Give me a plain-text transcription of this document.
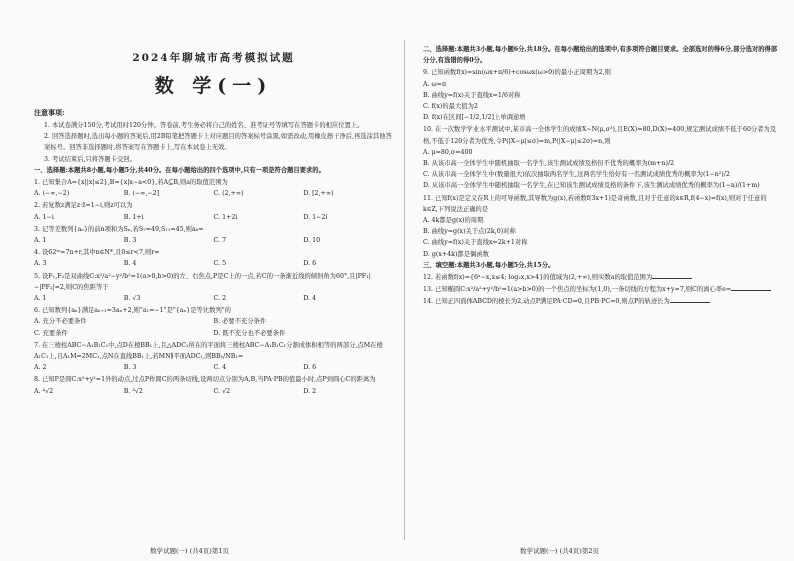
2024年聊城市高考模拟试题
数 学(一)
注意事项:

1. 本试卷满分150分,考试用时120分钟。答卷前,考生务必将自己的姓名、准考证号等填写在答题卡的相应位置上。

2. 回答选择题时,选出每小题的答案后,用2B铅笔把答题卡上对应题目的答案标号涂黑,如需改动,用橡皮擦干净后,再选涂其他答案标号。回答非选择题时,将答案写在答题卡上,写在本试卷上无效。

3. 考试结束后,只将答题卡交回。

一、选择题:本题共8小题,每小题5分,共40分。在每小题给出的四个选项中,只有一项是符合题目要求的。

1. 已知集合A={x||x|≤2},B={x|x−a<0},若A⊆B,则a的取值范围为

A. (−∞,−2)	B. (−∞,−2]	C. (2,+∞)	D. [2,+∞)

2. 若复数z满足z·z̄=1−i,则z可以为

A. 1−i	B. 1+i	C. 1+2i	D. 1−2i

3. 记等差数列{aₙ}的前n项和为Sₙ,若S₇=49,S₁₁=45,则a₆=

A. 1	B. 3	C. 7	D. 10

4. 设62ᵐ=7n+r,其中n∈N*,且0≤r<7,则r=

A. 3	B. 4	C. 5	D. 6

5. 设F₁,F₂是双曲线C:x²/a²−y²/b²=1(a>0,b>0)的左、右焦点,P是C上的一点,若C的一条渐近线的倾斜角为60°,且|PF₁|−|PF₂|=2,则C的焦距等于

A. 1	B. √3	C. 2	D. 4

6. 已知数列{aₙ}满足aₙ₊₁=3aₙ+2,则"a₁=−1"是"{aₙ}是等比数列"的

A. 充分不必要条件	B. 必要不充分条件
C. 充要条件	D. 既不充分也不必要条件

7. 在三棱柱ABC−A₁B₁C₁中,点D在棱BB₁上,且△ADC₁所在的平面将三棱柱ABC−A₁B₁C₁分割成体积相等的两部分,点M在棱A₁C₁上,且A₁M=2MC₁,点N在直线BB₁上,若MN∥平面ADC₁,则BB₁/NB₁=

A. 2	B. 3	C. 4	D. 6

8. 已知P是圆C:x²+y²=1外的动点,过点P作圆C的两条切线,设两切点分别为A,B,当PA·PB的值最小时,点P到圆心C的距离为

A. ⁴√2	B. ³√2	C. √2	D. 2

二、选择题:本题共3小题,每小题6分,共18分。在每小题给出的选项中,有多项符合题目要求。全部选对的得6分,部分选对的得部分分,有选错的得0分。

9. 已知函数f(x)=sin(ωx+π/6)+cosωx(ω>0)的最小正周期为2,则

A. ω=π

B. 曲线y=f(x)关于直线x=1/6对称

C. f(x)的最大值为2

D. f(x)在区间[−1/2,1/2]上单调递增

10. 在一次数学学业水平测试中,某市高一全体学生的成绩X~N(μ,σ²),且E(X)=80,D(X)=400,规定测试成绩不低于60分者为及格,不低于120分者为优秀,令P(|X−μ|≤σ)=m,P(|X−μ|≤2σ)=n,则

A. μ=80,σ=400

B. 从该市高一全体学生中随机抽取一名学生,该生测试成绩及格但不优秀的概率为(m+n)/2

C. 从该市高一全体学生中(数量很大)依次抽取两名学生,这两名学生恰好有一名测试成绩优秀的概率为(1−n²)/2

D. 从该市高一全体学生中随机抽取一名学生,在已知该生测试成绩及格的条件下,该生测试成绩优秀的概率为(1−n)/(1+m)

11. 已知f(x)是定义在R上的可导函数,其导数为g(x),若函数f(3x+1)是奇函数,且对于任意的x∈R,f(4−x)=f(x),则对于任意的k∈Z,下列说法正确的是

A. 4k都是g(x)的周期

B. 曲线y=g(x)关于点(2k,0)对称

C. 曲线y=f(x)关于直线x=2k+1对称

D. g(x+4k)都是偶函数

三、填空题:本题共3小题,每小题5分,共15分。

12. 若函数f(x)={6ˣ−x,x≤4; log₂x,x>4}的值域为(2,+∞),则实数a的取值范围为

13. 已知椭圆C:x²/a²+y²/b²=1(a>b>0)的一个焦点的坐标为(1,0),一条切线的方程为x+y=7,则C的离心率e=

14. 已知正四面体ABCD的棱长为2,动点P满足PA·CD=0,且PB·PC=0,则点P的轨迹长为

数学试题(一) (共4页)第1页	数学试题(一) (共4页)第2页
